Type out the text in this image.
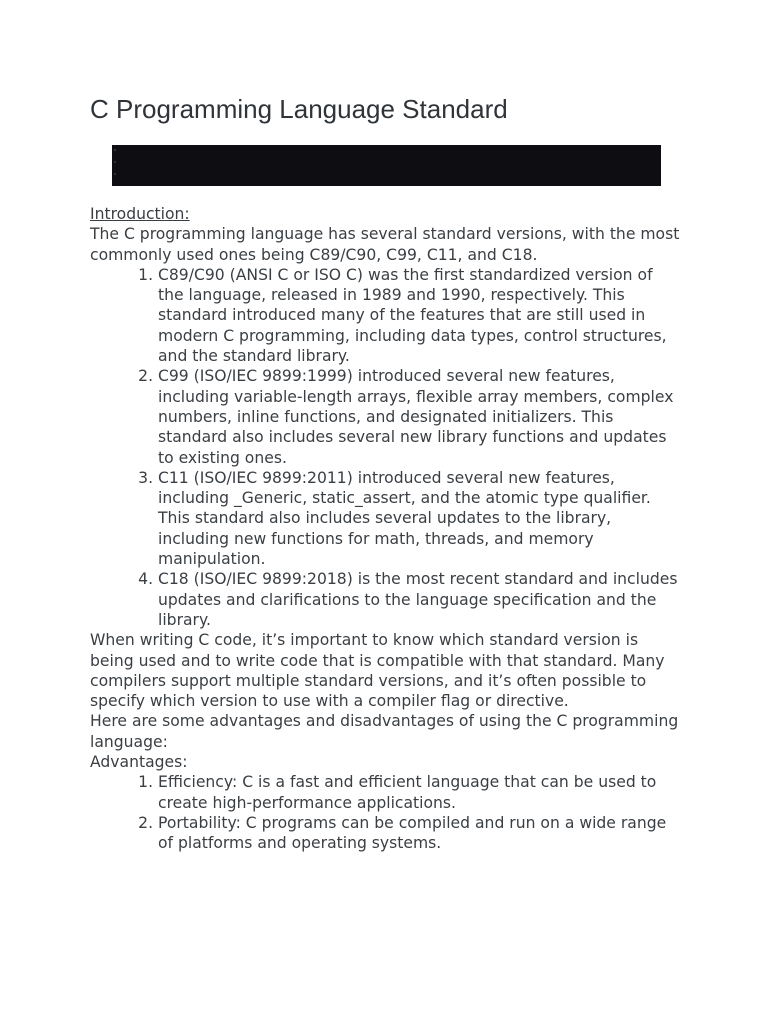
C Programming Language Standard
Introduction:

The C programming language has several standard versions, with the most commonly used ones being C89/C90, C99, C11, and C18.

1. C89/C90 (ANSI C or ISO C) was the first standardized version of the language, released in 1989 and 1990, respectively. This standard introduced many of the features that are still used in modern C programming, including data types, control structures, and the standard library.
2. C99 (ISO/IEC 9899:1999) introduced several new features, including variable-length arrays, flexible array members, complex numbers, inline functions, and designated initializers. This standard also includes several new library functions and updates to existing ones.
3. C11 (ISO/IEC 9899:2011) introduced several new features, including _Generic, static_assert, and the atomic type qualifier. This standard also includes several updates to the library, including new functions for math, threads, and memory manipulation.
4. C18 (ISO/IEC 9899:2018) is the most recent standard and includes updates and clarifications to the language specification and the library.

When writing C code, it’s important to know which standard version is being used and to write code that is compatible with that standard. Many compilers support multiple standard versions, and it’s often possible to specify which version to use with a compiler flag or directive.

Here are some advantages and disadvantages of using the C programming language:

Advantages:
1. Efficiency: C is a fast and efficient language that can be used to create high-performance applications.
2. Portability: C programs can be compiled and run on a wide range of platforms and operating systems.
